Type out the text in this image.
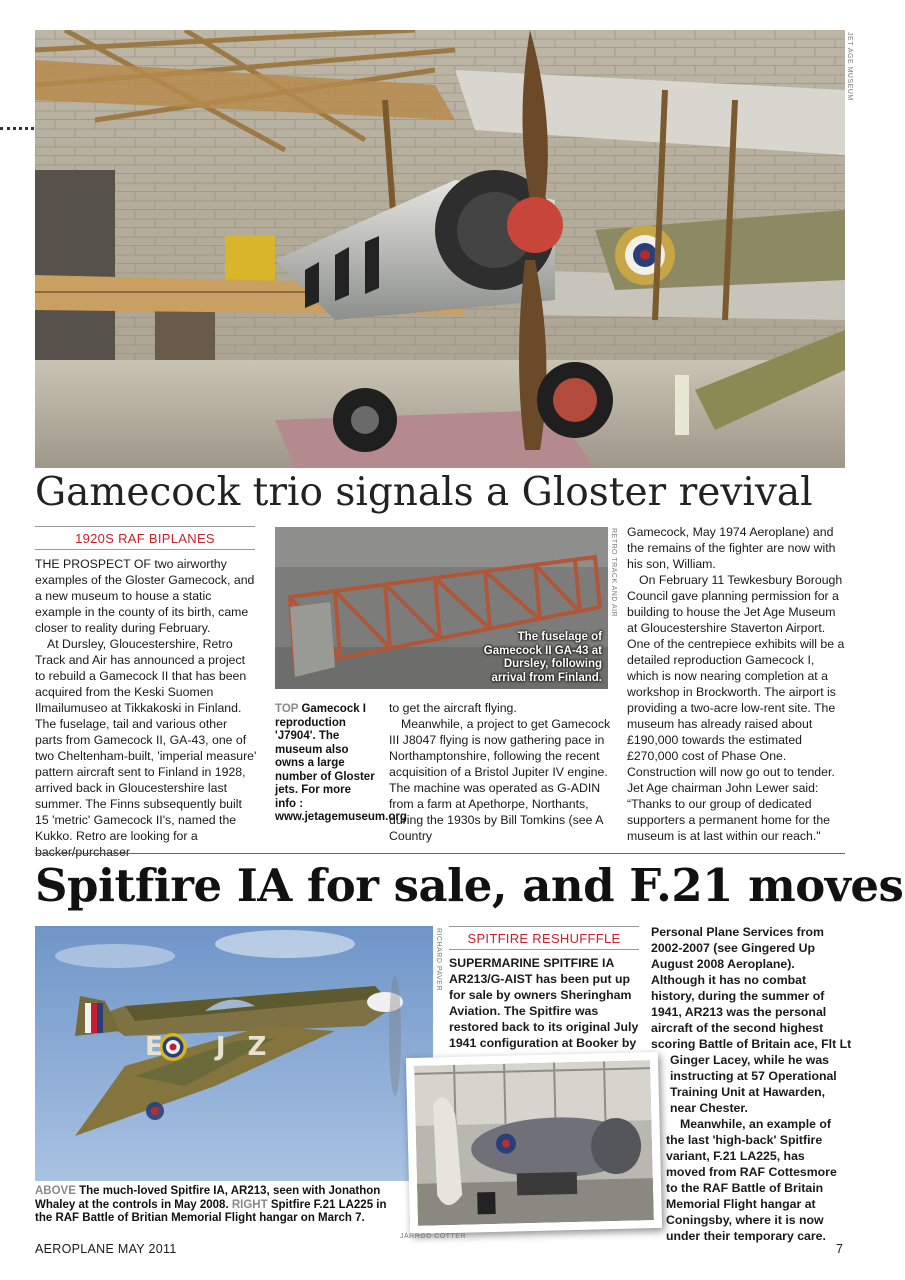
JET AGE MUSEUM
Gamecock trio signals a Gloster revival
1920S RAF BIPLANES

THE PROSPECT OF two airworthy examples of the Gloster Gamecock, and a new museum to house a static example in the county of its birth, came closer to reality during February.

At Dursley, Gloucestershire, Retro Track and Air has announced a project to rebuild a Gamecock II that has been acquired from the Keski Suomen Ilmailumuseo at Tikkakoski in Finland. The fuselage, tail and various other parts from Gamecock II, GA-43, one of two Cheltenham-built, 'imperial measure' pattern aircraft sent to Finland in 1928, arrived back in Gloucestershire last summer. The Finns subsequently built 15 'metric' Gamecock II's, named the Kukko. Retro are looking for a backer/purchaser

The fuselage of Gamecock II GA-43 at Dursley, following arrival from Finland.
RETRO TRACK AND AIR
TOP Gamecock I reproduction 'J7904'. The museum also owns a large number of Gloster jets. For more info : www.jetagemuseum.org

to get the aircraft flying.

Meanwhile, a project to get Gamecock III J8047 flying is now gathering pace in Northamptonshire, following the recent acquisition of a Bristol Jupiter IV engine. The machine was operated as G-ADIN from a farm at Apethorpe, Northants, during the 1930s by Bill Tomkins (see A Country

Gamecock, May 1974 Aeroplane) and the remains of the fighter are now with his son, William.

On February 11 Tewkesbury Borough Council gave planning permission for a building to house the Jet Age Museum at Gloucestershire Staverton Airport. One of the centrepiece exhibits will be a detailed reproduction Gamecock I, which is now nearing completion at a workshop in Brockworth. The airport is providing a two-acre low-rent site. The museum has already raised about £190,000 towards the estimated £270,000 cost of Phase One. Construction will now go out to tender. Jet Age chairman John Lewer said: “Thanks to our group of dedicated supporters a permanent home for the museum is at last within our reach."

Spitfire IA for sale, and F.21 moves
E JZ
RICHARD PAVER
ABOVE The much-loved Spitfire IA, AR213, seen with Jonathon Whaley at the controls in May 2008. RIGHT Spitfire F.21 LA225 in the RAF Battle of Britian Memorial Flight hangar on March 7.
SPITFIRE RESHUFFFLE
SUPERMARINE SPITFIRE IA
AR213/G-AIST has been put up
for sale by owners Sheringham
Aviation. The Spitfire was
restored back to its original July
1941 configuration at Booker by
Personal Plane Services from
2002-2007 (see Gingered Up
August 2008 Aeroplane).
Although it has no combat
history, during the summer of
1941, AR213 was the personal
aircraft of the second highest
scoring Battle of Britain ace, Flt Lt
Ginger Lacey, while he was
instructing at 57 Operational
Training Unit at Hawarden,
near Chester.
Meanwhile, an example of
the last 'high-back' Spitfire
variant, F.21 LA225, has
moved from RAF Cottesmore
to the RAF Battle of Britain
Memorial Flight hangar at
Coningsby, where it is now
under their temporary care.
JARROD COTTER
AEROPLANE MAY 2011	7
